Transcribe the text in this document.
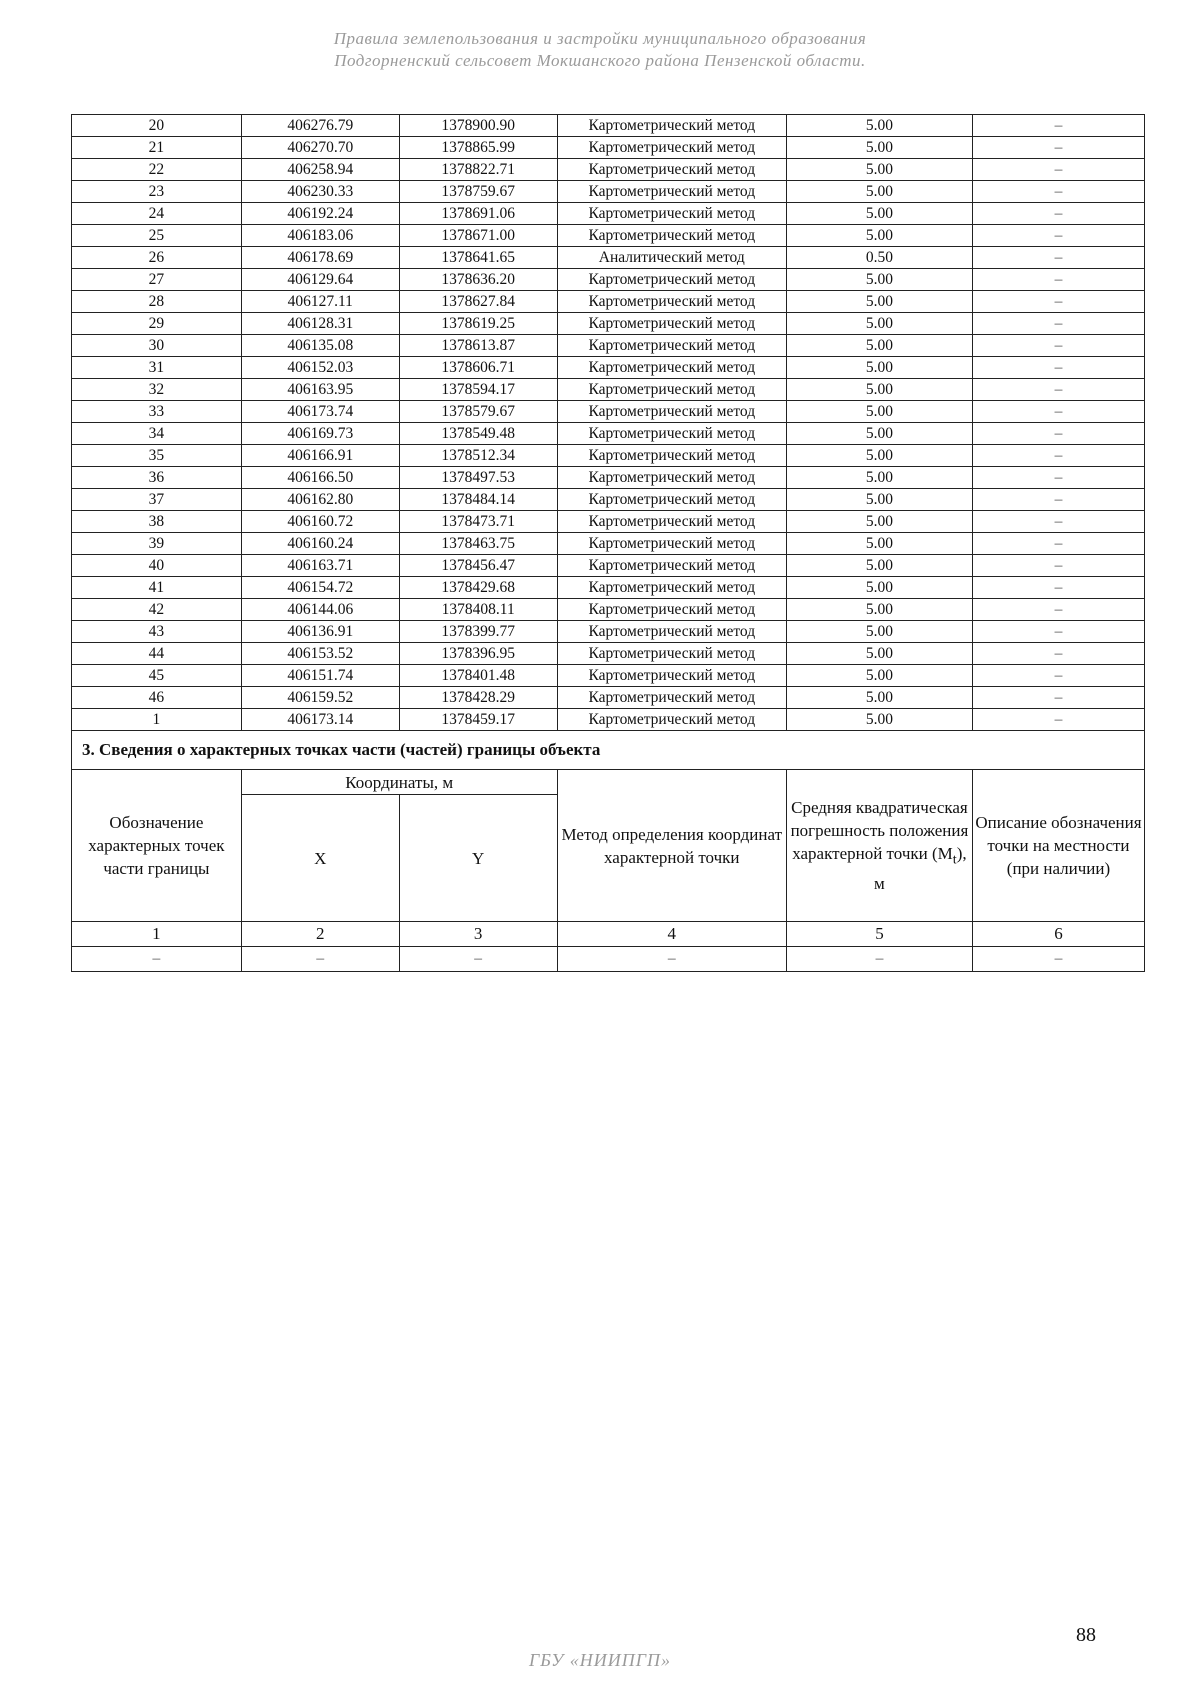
Правила землепользования и застройки муниципального образования
Подгорненский сельсовет Мокшанского района Пензенской области.
20	406276.79	1378900.90	Картометрический метод	5.00	–
21	406270.70	1378865.99	Картометрический метод	5.00	–
22	406258.94	1378822.71	Картометрический метод	5.00	–
23	406230.33	1378759.67	Картометрический метод	5.00	–
24	406192.24	1378691.06	Картометрический метод	5.00	–
25	406183.06	1378671.00	Картометрический метод	5.00	–
26	406178.69	1378641.65	Аналитический метод	0.50	–
27	406129.64	1378636.20	Картометрический метод	5.00	–
28	406127.11	1378627.84	Картометрический метод	5.00	–
29	406128.31	1378619.25	Картометрический метод	5.00	–
30	406135.08	1378613.87	Картометрический метод	5.00	–
31	406152.03	1378606.71	Картометрический метод	5.00	–
32	406163.95	1378594.17	Картометрический метод	5.00	–
33	406173.74	1378579.67	Картометрический метод	5.00	–
34	406169.73	1378549.48	Картометрический метод	5.00	–
35	406166.91	1378512.34	Картометрический метод	5.00	–
36	406166.50	1378497.53	Картометрический метод	5.00	–
37	406162.80	1378484.14	Картометрический метод	5.00	–
38	406160.72	1378473.71	Картометрический метод	5.00	–
39	406160.24	1378463.75	Картометрический метод	5.00	–
40	406163.71	1378456.47	Картометрический метод	5.00	–
41	406154.72	1378429.68	Картометрический метод	5.00	–
42	406144.06	1378408.11	Картометрический метод	5.00	–
43	406136.91	1378399.77	Картометрический метод	5.00	–
44	406153.52	1378396.95	Картометрический метод	5.00	–
45	406151.74	1378401.48	Картометрический метод	5.00	–
46	406159.52	1378428.29	Картометрический метод	5.00	–
1	406173.14	1378459.17	Картометрический метод	5.00	–
3. Сведения о характерных точках части (частей) границы объекта					
Обозначение характерных точек части границы	Координаты, м		Метод определения координат характерной точки	Средняя квадратическая погрешность положения характерной точки $(M_t)$, м	Описание обозначения точки на местности (при наличии)
	X	Y			
1	2	3	4	5	6
–	–	–	–	–	–
88
ГБУ «НИИПГП»
